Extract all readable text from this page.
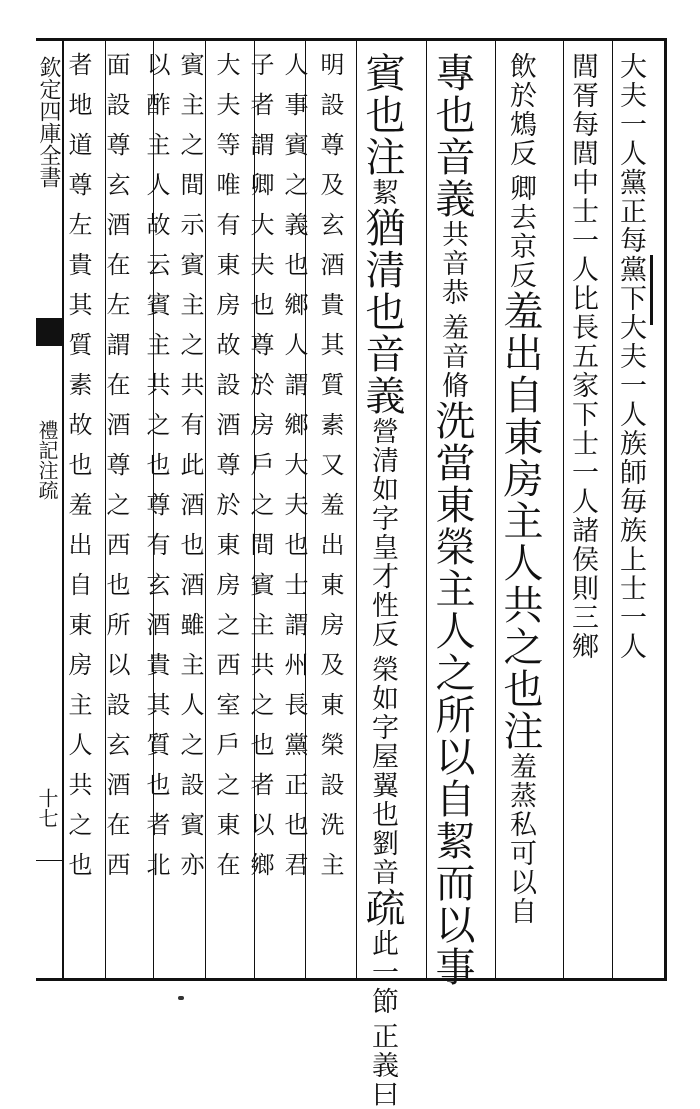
欽定四庫全書
禮記注疏
十七
大夫一人黨正每黨下大夫一人族師毎族上士一人
閭胥每閭中士一人比長五家下士一人諸侯則三鄉
卿去京反
飲於鴆反
羞出自東房主人共之也注羞蒸私可以自
專也音義
羞音脩
共音恭
洗當東榮主人之所以自絜而以事
賓也注絜猶清也音義
榮如字屋翼也劉音
營清如字皇才性反
疏
正義曰
此一節
明設尊及玄酒貴其質素又羞出東房及東榮設洗主
人事賓之義也鄉人謂鄉大夫也士謂州長黨正也君
子者謂卿大夫也尊於房戶之間賓主共之也者以鄉
大夫等唯有東房故設酒尊於東房之西室戶之東在
賓主之間示賓主之共有此酒也酒雖主人之設賓亦
以酢主人故云賓主共之也尊有玄酒貴其質也者北
面設尊玄酒在左謂在酒尊之西也所以設玄酒在西
者地道尊左貴其質素故也羞出自東房主人共之也
